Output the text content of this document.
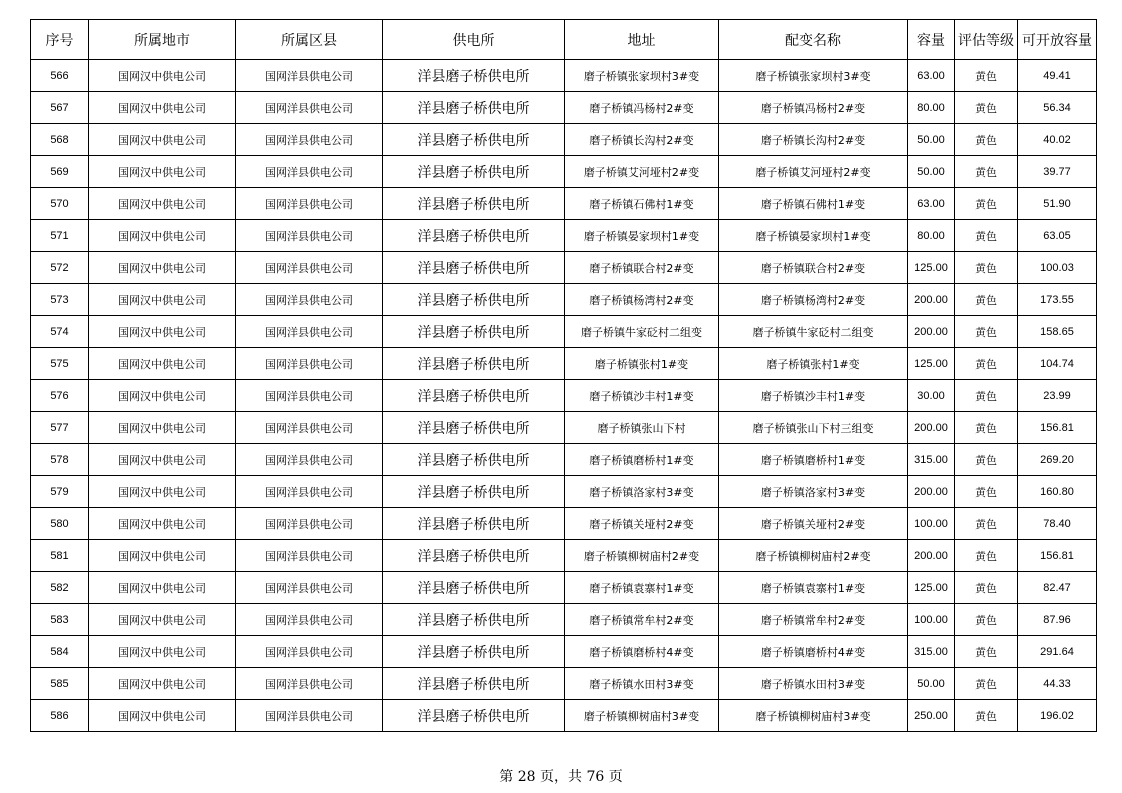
序号	所属地市	所属区县	供电所	地址	配变名称	容量	评估等级	可开放容量
566	国网汉中供电公司	国网洋县供电公司	洋县磨子桥供电所	磨子桥镇张家坝村3#变	磨子桥镇张家坝村3#变	63.00	黄色	49.41
567	国网汉中供电公司	国网洋县供电公司	洋县磨子桥供电所	磨子桥镇冯杨村2#变	磨子桥镇冯杨村2#变	80.00	黄色	56.34
568	国网汉中供电公司	国网洋县供电公司	洋县磨子桥供电所	磨子桥镇长沟村2#变	磨子桥镇长沟村2#变	50.00	黄色	40.02
569	国网汉中供电公司	国网洋县供电公司	洋县磨子桥供电所	磨子桥镇艾河垭村2#变	磨子桥镇艾河垭村2#变	50.00	黄色	39.77
570	国网汉中供电公司	国网洋县供电公司	洋县磨子桥供电所	磨子桥镇石佛村1#变	磨子桥镇石佛村1#变	63.00	黄色	51.90
571	国网汉中供电公司	国网洋县供电公司	洋县磨子桥供电所	磨子桥镇晏家坝村1#变	磨子桥镇晏家坝村1#变	80.00	黄色	63.05
572	国网汉中供电公司	国网洋县供电公司	洋县磨子桥供电所	磨子桥镇联合村2#变	磨子桥镇联合村2#变	125.00	黄色	100.03
573	国网汉中供电公司	国网洋县供电公司	洋县磨子桥供电所	磨子桥镇杨湾村2#变	磨子桥镇杨湾村2#变	200.00	黄色	173.55
574	国网汉中供电公司	国网洋县供电公司	洋县磨子桥供电所	磨子桥镇牛家砭村二组变	磨子桥镇牛家砭村二组变	200.00	黄色	158.65
575	国网汉中供电公司	国网洋县供电公司	洋县磨子桥供电所	磨子桥镇张村1#变	磨子桥镇张村1#变	125.00	黄色	104.74
576	国网汉中供电公司	国网洋县供电公司	洋县磨子桥供电所	磨子桥镇沙丰村1#变	磨子桥镇沙丰村1#变	30.00	黄色	23.99
577	国网汉中供电公司	国网洋县供电公司	洋县磨子桥供电所	磨子桥镇张山下村	磨子桥镇张山下村三组变	200.00	黄色	156.81
578	国网汉中供电公司	国网洋县供电公司	洋县磨子桥供电所	磨子桥镇磨桥村1#变	磨子桥镇磨桥村1#变	315.00	黄色	269.20
579	国网汉中供电公司	国网洋县供电公司	洋县磨子桥供电所	磨子桥镇洛家村3#变	磨子桥镇洛家村3#变	200.00	黄色	160.80
580	国网汉中供电公司	国网洋县供电公司	洋县磨子桥供电所	磨子桥镇关垭村2#变	磨子桥镇关垭村2#变	100.00	黄色	78.40
581	国网汉中供电公司	国网洋县供电公司	洋县磨子桥供电所	磨子桥镇柳树庙村2#变	磨子桥镇柳树庙村2#变	200.00	黄色	156.81
582	国网汉中供电公司	国网洋县供电公司	洋县磨子桥供电所	磨子桥镇袁寨村1#变	磨子桥镇袁寨村1#变	125.00	黄色	82.47
583	国网汉中供电公司	国网洋县供电公司	洋县磨子桥供电所	磨子桥镇常牟村2#变	磨子桥镇常牟村2#变	100.00	黄色	87.96
584	国网汉中供电公司	国网洋县供电公司	洋县磨子桥供电所	磨子桥镇磨桥村4#变	磨子桥镇磨桥村4#变	315.00	黄色	291.64
585	国网汉中供电公司	国网洋县供电公司	洋县磨子桥供电所	磨子桥镇水田村3#变	磨子桥镇水田村3#变	50.00	黄色	44.33
586	国网汉中供电公司	国网洋县供电公司	洋县磨子桥供电所	磨子桥镇柳树庙村3#变	磨子桥镇柳树庙村3#变	250.00	黄色	196.02
第 28 页，共 76 页
